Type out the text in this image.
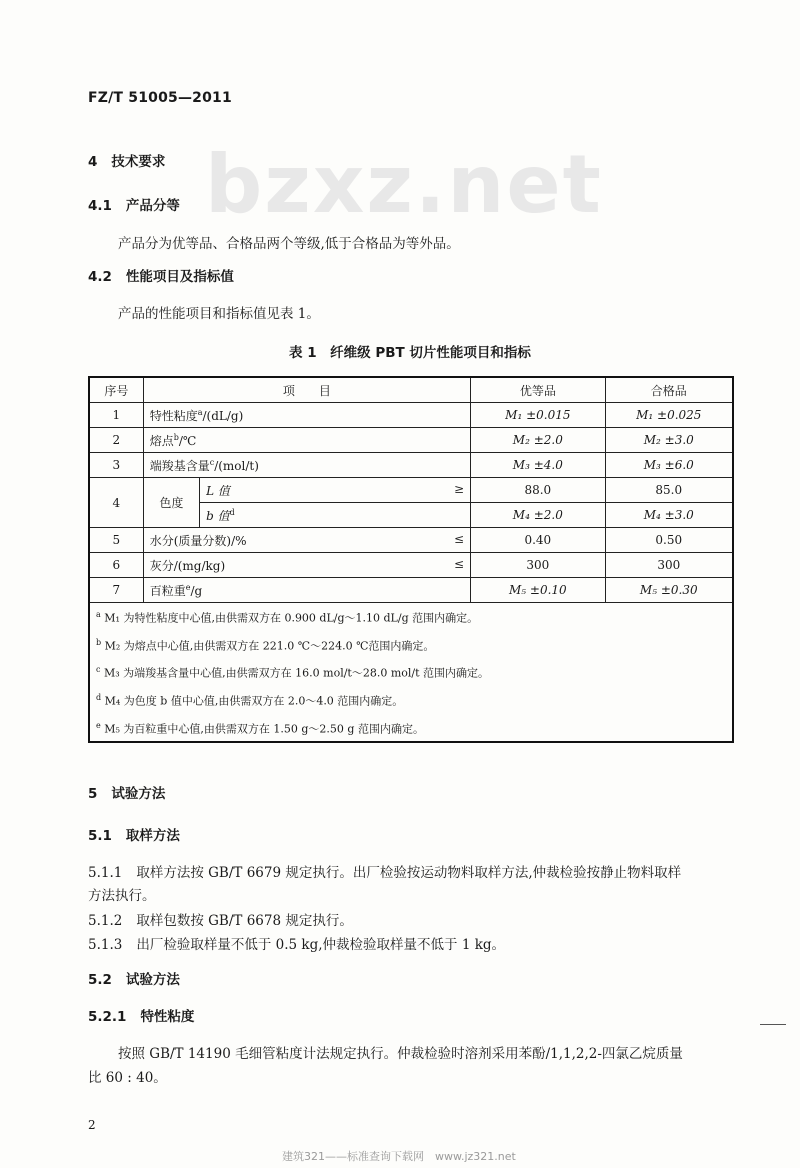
bzxz.net
FZ/T 51005—2011
4 技术要求
4.1 产品分等
产品分为优等品、合格品两个等级,低于合格品为等外品。
4.2 性能项目及指标值
产品的性能项目和指标值见表 1。
表 1　纤维级 PBT 切片性能项目和指标
序号	项　　目		优等品	合格品
1	特性粘度$^a$/(dL/g)		M₁ ±0.015	M₁ ±0.025
2	熔点$^b$/℃		M₂ ±2.0	M₂ ±3.0
3	端羧基含量$^c$/(mol/t)		M₃ ±4.0	M₃ ±6.0
4	色度	L 值 ≥	88.0	85.0
		b 值$^d$	M₄ ±2.0	M₄ ±3.0
5	水分(质量分数)/% ≤		0.40	0.50
6	灰分/(mg/kg) ≤		300	300
7	百粒重$^e$/g		M₅ ±0.10	M₅ ±0.30

$^a$ M₁ 为特性粘度中心值,由供需双方在 0.900 dL/g～1.10 dL/g 范围内确定。
$^b$ M₂ 为熔点中心值,由供需双方在 221.0 ℃～224.0 ℃范围内确定。
$^c$ M₃ 为端羧基含量中心值,由供需双方在 16.0 mol/t～28.0 mol/t 范围内确定。
$^d$ M₄ 为色度 b 值中心值,由供需双方在 2.0～4.0 范围内确定。
$^e$ M₅ 为百粒重中心值,由供需双方在 1.50 g～2.50 g 范围内确定。				
5 试验方法
5.1 取样方法
5.1.1 取样方法按 GB/T 6679 规定执行。出厂检验按运动物料取样方法,仲裁检验按静止物料取样
方法执行。
5.1.2 取样包数按 GB/T 6678 规定执行。
5.1.3 出厂检验取样量不低于 0.5 kg,仲裁检验取样量不低于 1 kg。
5.2 试验方法
5.2.1 特性粘度
按照 GB/T 14190 毛细管粘度计法规定执行。仲裁检验时溶剂采用苯酚/1,1,2,2-四氯乙烷质量
比 60 : 40。
2
建筑321——标准查询下载网　www.jz321.net
